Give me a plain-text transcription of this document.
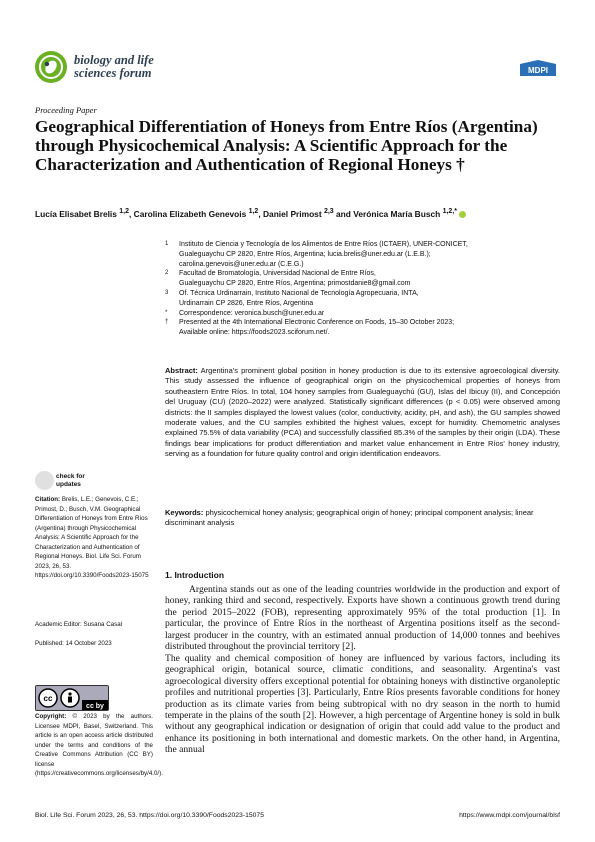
biology and life
sciences forum	MDPI
Proceeding Paper
Geographical Differentiation of Honeys from Entre Ríos (Argentina) through Physicochemical Analysis: A Scientific Approach for the Characterization and Authentication of Regional Honeys †
Lucía Elisabet Brelis $^{1,2}$, Carolina Elizabeth Genevois $^{1,2}$, Daniel Primost $^{2,3}$ and Verónica María Busch $^{1,2,*}$
1	Instituto de Ciencia y Tecnología de los Alimentos de Entre Ríos (ICTAER), UNER-CONICET,
Gualeguaychu CP 2820, Entre Ríos, Argentina; lucia.brelis@uner.edu.ar (L.E.B.);
carolina.genevois@uner.edu.ar (C.E.G.)
2	Facultad de Bromatología, Universidad Nacional de Entre Ríos,
Gualeguaychu CP 2820, Entre Ríos, Argentina; primostdanie8@gmail.com
3	Of. Técnica Urdinarrain, Instituto Nacional de Tecnología Agropecuaria, INTA,
Urdinarrain CP 2826, Entre Ríos, Argentina
*	Correspondence: veronica.busch@uner.edu.ar
†	Presented at the 4th International Electronic Conference on Foods, 15–30 October 2023;
Available online: https://foods2023.sciforum.net/.
Abstract: Argentina's prominent global position in honey production is due to its extensive agroecological diversity. This study assessed the influence of geographical origin on the physicochemical properties of honeys from southeastern Entre Ríos. In total, 104 honey samples from Gualeguaychú (GU), Islas del Ibicuy (II), and Concepción del Uruguay (CU) (2020–2022) were analyzed. Statistically significant differences (p < 0.05) were observed among districts: the II samples displayed the lowest values (color, conductivity, acidity, pH, and ash), the GU samples showed moderate values, and the CU samples exhibited the highest values, except for humidity. Chemometric analyses explained 75.5% of data variability (PCA) and successfully classified 85.3% of the samples by their origin (LDA). These findings bear implications for product differentiation and market value enhancement in Entre Ríos' honey industry, serving as a foundation for future quality control and origin identification endeavors.
Keywords: physicochemical honey analysis; geographical origin of honey; principal component analysis; linear discriminant analysis
check for
updates
Citation: Brelis, L.E.; Genevois, C.E.; Primost, D.; Busch, V.M. Geographical Differentiation of Honeys from Entre Ríos (Argentina) through Physicochemical Analysis: A Scientific Approach for the Characterization and Authentication of Regional Honeys. Biol. Life Sci. Forum 2023, 26, 53. https://doi.org/10.3390/Foods2023-15075
Academic Editor: Susana Casal
Published: 14 October 2023
cc
cc by
Copyright: © 2023 by the authors. Licensee MDPI, Basel, Switzerland. This article is an open access article distributed under the terms and conditions of the Creative Commons Attribution (CC BY) license (https://creativecommons.org/licenses/by/4.0/).
1. Introduction

Argentina stands out as one of the leading countries worldwide in the production and export of honey, ranking third and second, respectively. Exports have shown a continuous growth trend during the period 2015–2022 (FOB), representing approximately 95% of the total production [1]. In particular, the province of Entre Ríos in the northeast of Argentina positions itself as the second-largest producer in the country, with an estimated annual production of 14,000 tonnes and beehives distributed throughout the provincial territory [2].

The quality and chemical composition of honey are influenced by various factors, including its geographical origin, botanical source, climatic conditions, and seasonality. Argentina's vast agroecological diversity offers exceptional potential for obtaining honeys with distinctive organoleptic profiles and nutritional properties [3]. Particularly, Entre Ríos presents favorable conditions for honey production as its climate varies from being subtropical with no dry season in the north to humid temperate in the plains of the south [2]. However, a high percentage of Argentine honey is sold in bulk without any geographical indication or designation of origin that could add value to the product and enhance its positioning in both international and domestic markets. On the other hand, in Argentina, the annual

Biol. Life Sci. Forum 2023, 26, 53. https://doi.org/10.3390/Foods2023-15075	https://www.mdpi.com/journal/blsf
